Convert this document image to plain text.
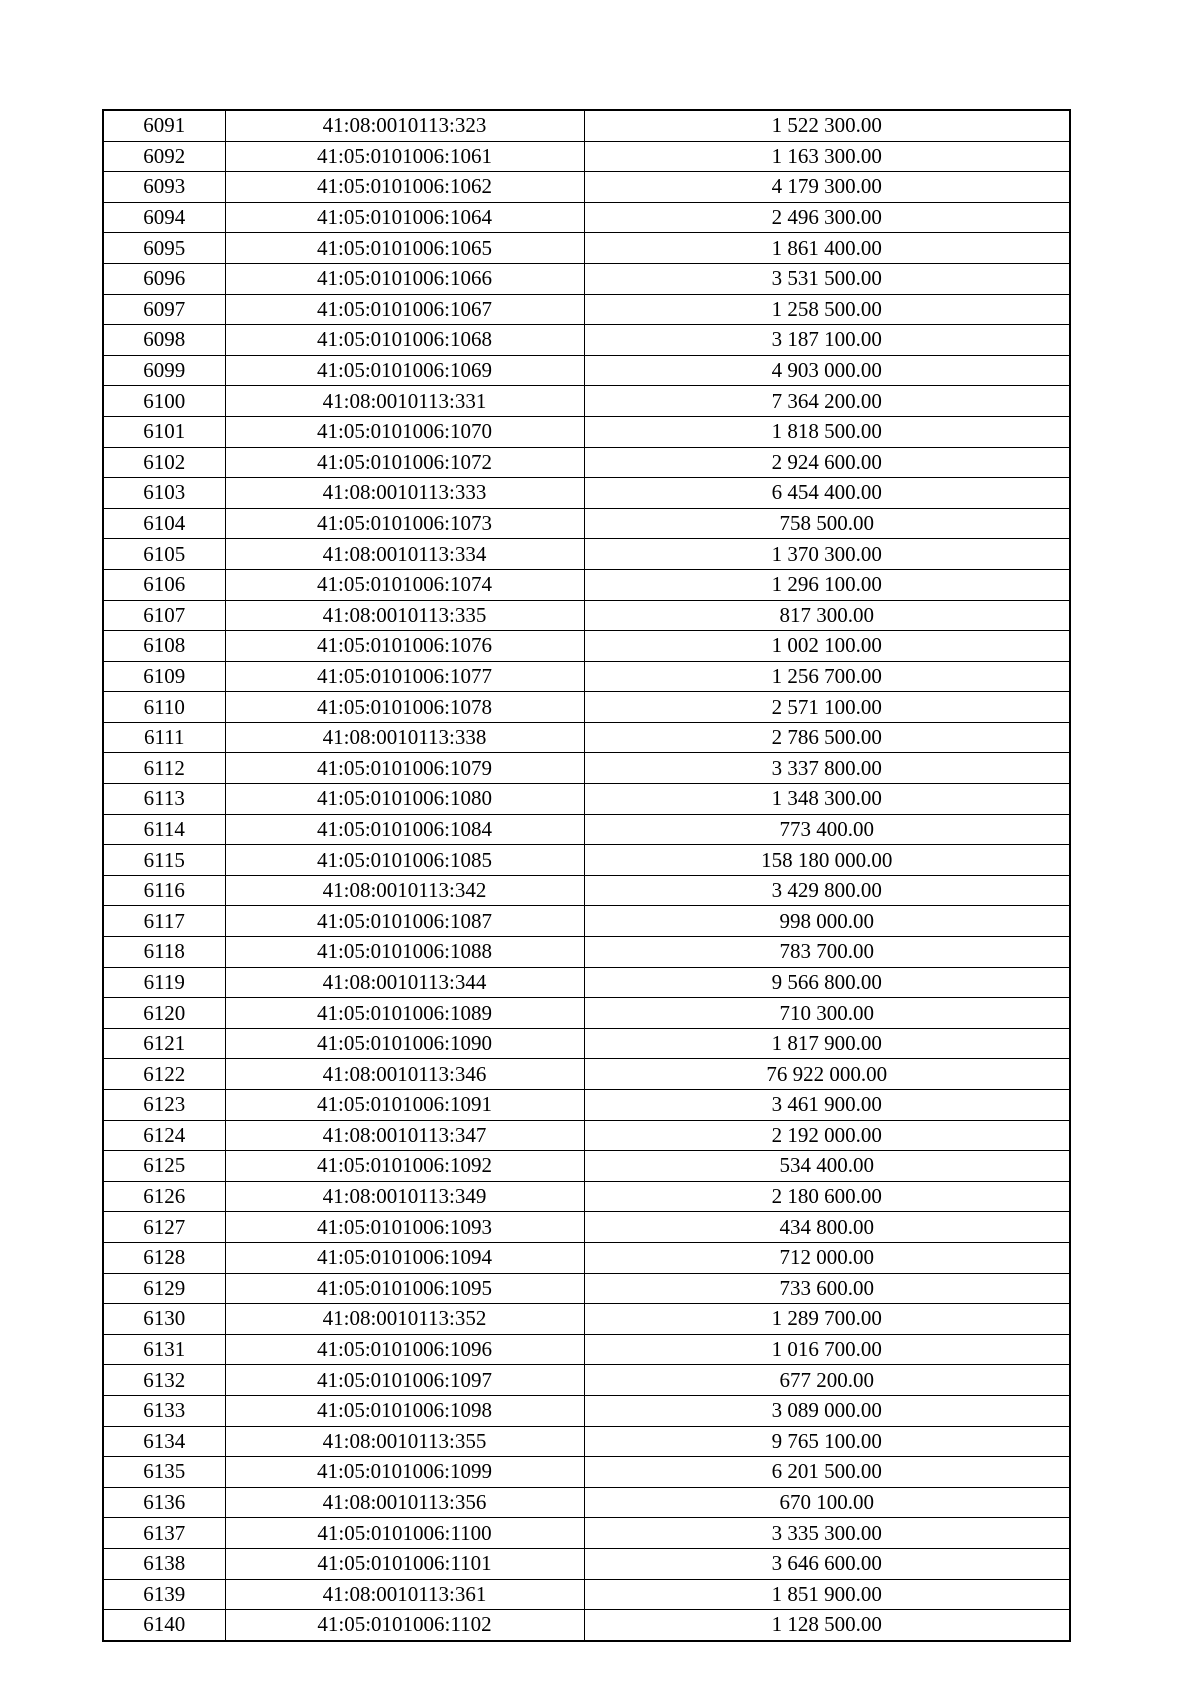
6091	41:08:0010113:323	1 522 300.00
6092	41:05:0101006:1061	1 163 300.00
6093	41:05:0101006:1062	4 179 300.00
6094	41:05:0101006:1064	2 496 300.00
6095	41:05:0101006:1065	1 861 400.00
6096	41:05:0101006:1066	3 531 500.00
6097	41:05:0101006:1067	1 258 500.00
6098	41:05:0101006:1068	3 187 100.00
6099	41:05:0101006:1069	4 903 000.00
6100	41:08:0010113:331	7 364 200.00
6101	41:05:0101006:1070	1 818 500.00
6102	41:05:0101006:1072	2 924 600.00
6103	41:08:0010113:333	6 454 400.00
6104	41:05:0101006:1073	758 500.00
6105	41:08:0010113:334	1 370 300.00
6106	41:05:0101006:1074	1 296 100.00
6107	41:08:0010113:335	817 300.00
6108	41:05:0101006:1076	1 002 100.00
6109	41:05:0101006:1077	1 256 700.00
6110	41:05:0101006:1078	2 571 100.00
6111	41:08:0010113:338	2 786 500.00
6112	41:05:0101006:1079	3 337 800.00
6113	41:05:0101006:1080	1 348 300.00
6114	41:05:0101006:1084	773 400.00
6115	41:05:0101006:1085	158 180 000.00
6116	41:08:0010113:342	3 429 800.00
6117	41:05:0101006:1087	998 000.00
6118	41:05:0101006:1088	783 700.00
6119	41:08:0010113:344	9 566 800.00
6120	41:05:0101006:1089	710 300.00
6121	41:05:0101006:1090	1 817 900.00
6122	41:08:0010113:346	76 922 000.00
6123	41:05:0101006:1091	3 461 900.00
6124	41:08:0010113:347	2 192 000.00
6125	41:05:0101006:1092	534 400.00
6126	41:08:0010113:349	2 180 600.00
6127	41:05:0101006:1093	434 800.00
6128	41:05:0101006:1094	712 000.00
6129	41:05:0101006:1095	733 600.00
6130	41:08:0010113:352	1 289 700.00
6131	41:05:0101006:1096	1 016 700.00
6132	41:05:0101006:1097	677 200.00
6133	41:05:0101006:1098	3 089 000.00
6134	41:08:0010113:355	9 765 100.00
6135	41:05:0101006:1099	6 201 500.00
6136	41:08:0010113:356	670 100.00
6137	41:05:0101006:1100	3 335 300.00
6138	41:05:0101006:1101	3 646 600.00
6139	41:08:0010113:361	1 851 900.00
6140	41:05:0101006:1102	1 128 500.00
